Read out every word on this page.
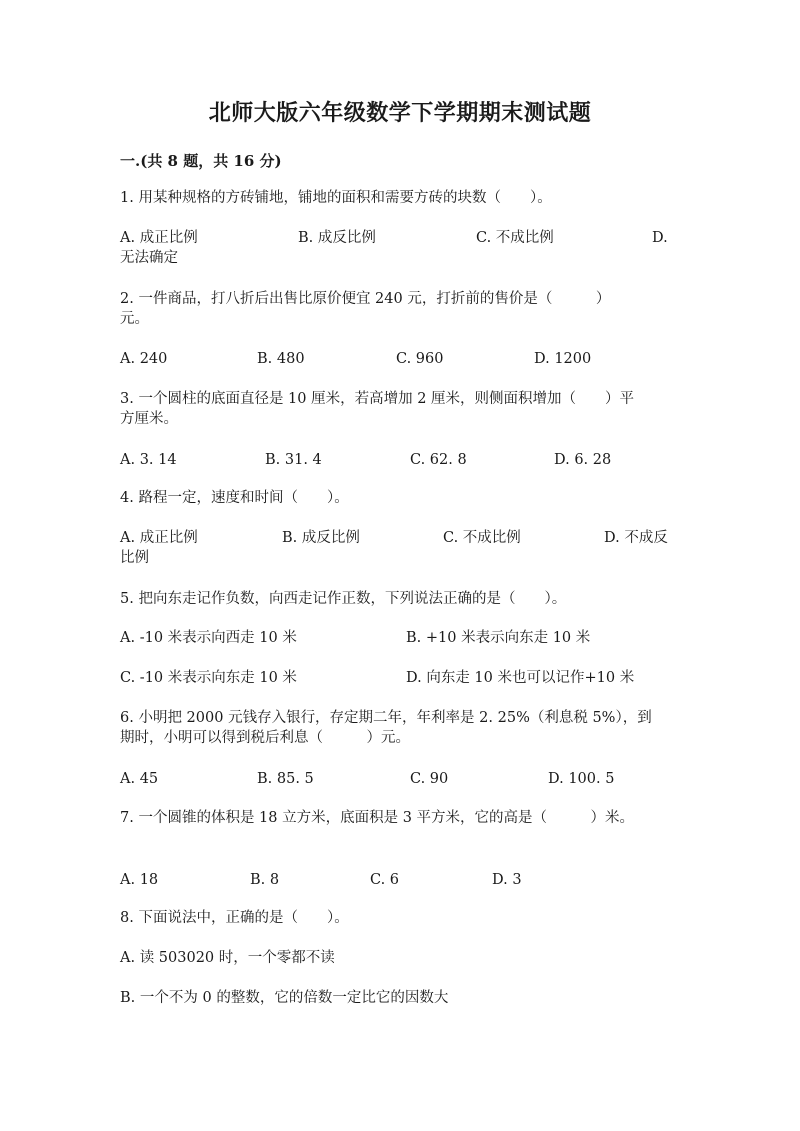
北师大版六年级数学下学期期末测试题
一.(共 8 题，共 16 分)
1. 用某种规格的方砖铺地，铺地的面积和需要方砖的块数（　　）。
A. 成正比例	B. 成反比例	C. 不成比例	D.
无法确定
2. 一件商品，打八折后出售比原价便宜 240 元，打折前的售价是（　　　）
元。
A. 240	B. 480	C. 960	D. 1200
3. 一个圆柱的底面直径是 10 厘米，若高增加 2 厘米，则侧面积增加（　　）平
方厘米。
A. 3. 14	B. 31. 4	C. 62. 8	D. 6. 28
4. 路程一定，速度和时间（　　）。
A. 成正比例	B. 成反比例	C. 不成比例	D. 不成反
比例
5. 把向东走记作负数，向西走记作正数，下列说法正确的是（　　）。
A. -10 米表示向西走 10 米	B. +10 米表示向东走 10 米
C. -10 米表示向东走 10 米	D. 向东走 10 米也可以记作+10 米
6. 小明把 2000 元钱存入银行，存定期二年，年利率是 2. 25%（利息税 5%），到
期时，小明可以得到税后利息（　　　）元。
A. 45	B. 85. 5	C. 90	D. 100. 5
7. 一个圆锥的体积是 18 立方米，底面积是 3 平方米，它的高是（　　　）米。
A. 18	B. 8	C. 6	D. 3
8. 下面说法中，正确的是（　　）。
A. 读 503020 时，一个零都不读
B. 一个不为 0 的整数，它的倍数一定比它的因数大
